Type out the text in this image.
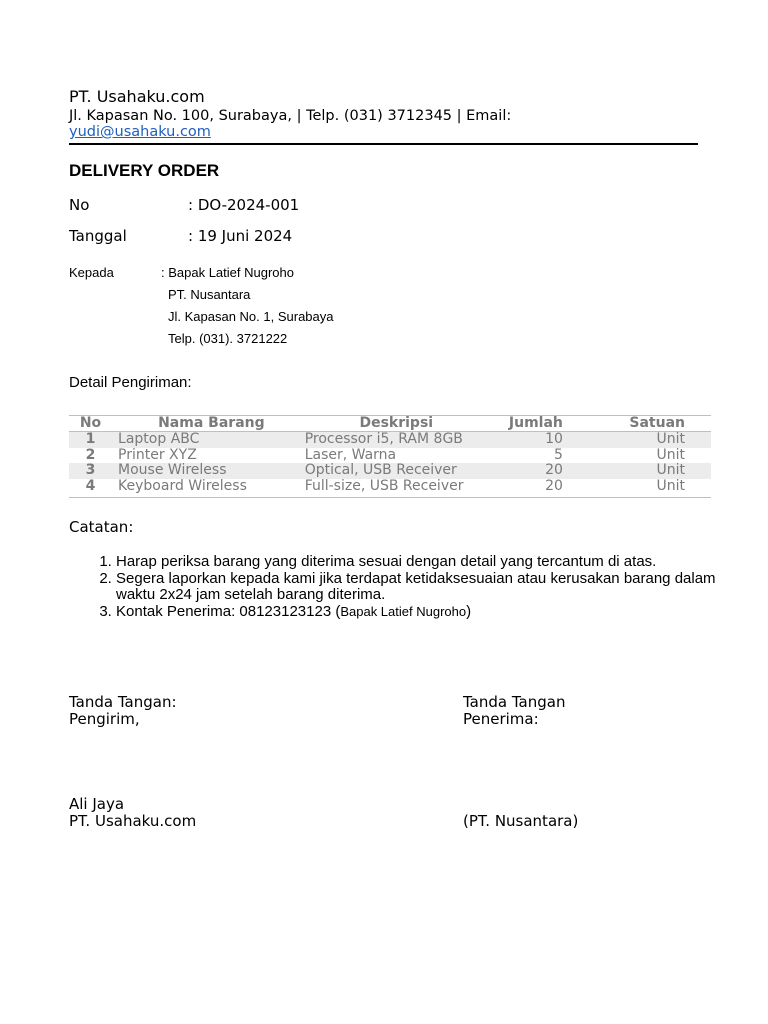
PT. Usahaku.com
Jl. Kapasan No. 100, Surabaya, | Telp. (031) 3712345 | Email:
yudi@usahaku.com
DELIVERY ORDER
No	: DO-2024-001
Tanggal	: 19 Juni 2024
Kepada	: Bapak Latief Nugroho
PT. Nusantara
Jl. Kapasan No. 1, Surabaya
Telp. (031). 3721222
Detail Pengiriman:
No	Nama Barang	Deskripsi	Jumlah	Satuan
1	Laptop ABC	Processor i5, RAM 8GB	10	Unit
2	Printer XYZ	Laser, Warna	5	Unit
3	Mouse Wireless	Optical, USB Receiver	20	Unit
4	Keyboard Wireless	Full-size, USB Receiver	20	Unit
Catatan:
1. Harap periksa barang yang diterima sesuai dengan detail yang tercantum di atas.
2. Segera laporkan kepada kami jika terdapat ketidaksesuaian atau kerusakan barang dalam waktu 2x24 jam setelah barang diterima.
3. Kontak Penerima: 08123123123 (Bapak Latief Nugroho)
Tanda Tangan:
Pengirim,
Ali Jaya
PT. Usahaku.com
Tanda Tangan
Penerima:
(PT. Nusantara)
